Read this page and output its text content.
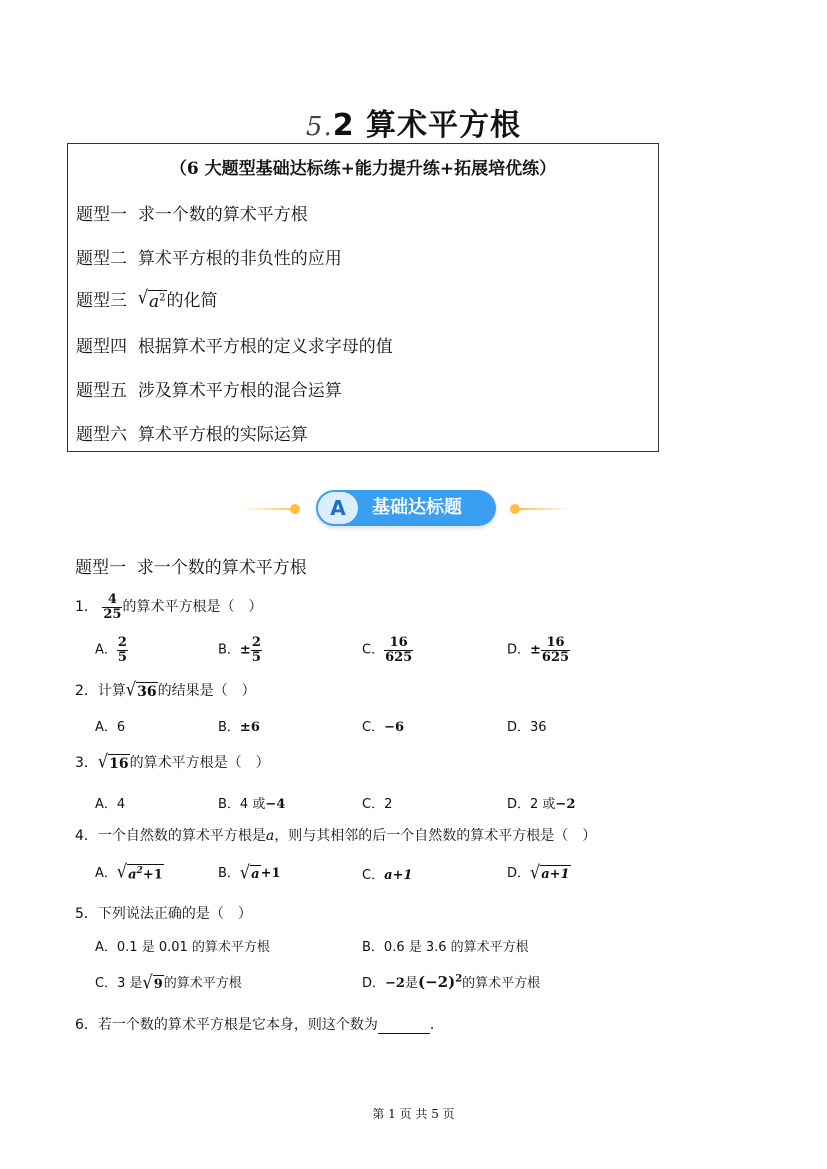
5.2 算术平方根
（6 大题型基础达标练+能力提升练+拓展培优练）
题型一 求一个数的算术平方根
题型二 算术平方根的非负性的应用
题型三 √ $a^2$ 的化简
题型四 根据算术平方根的定义求字母的值
题型五 涉及算术平方根的混合运算
题型六 算术平方根的实际运算
A	基础达标题
题型一 求一个数的算术平方根
1． $\frac{4}{25}$ 的算术平方根是（　）
A． $\frac{2}{5}$	B．± $\frac{2}{5}$	C． $\frac{16}{625}$	D．± $\frac{16}{625}$
2．计算 √ 36 的结果是（　）
A．6	B．±6	C．−6	D．36
3． √ 16 的算术平方根是（　）
A．4	B．4 或−4	C．2	D．2 或−2
4．一个自然数的算术平方根是a，则与其相邻的后一个自然数的算术平方根是（　）
A． √ $a^2+1$	B． √ a +1	C．a+1	D． √ a+1
5．下列说法正确的是（　）
A．0.1 是 0.01 的算术平方根	B．0.6 是 3.6 的算术平方根
C．3 是 √ 9 的算术平方根	D．−2是$(-2)^2$的算术平方根
6．若一个数的算术平方根是它本身，则这个数为	．
第 1 页 共 5 页
